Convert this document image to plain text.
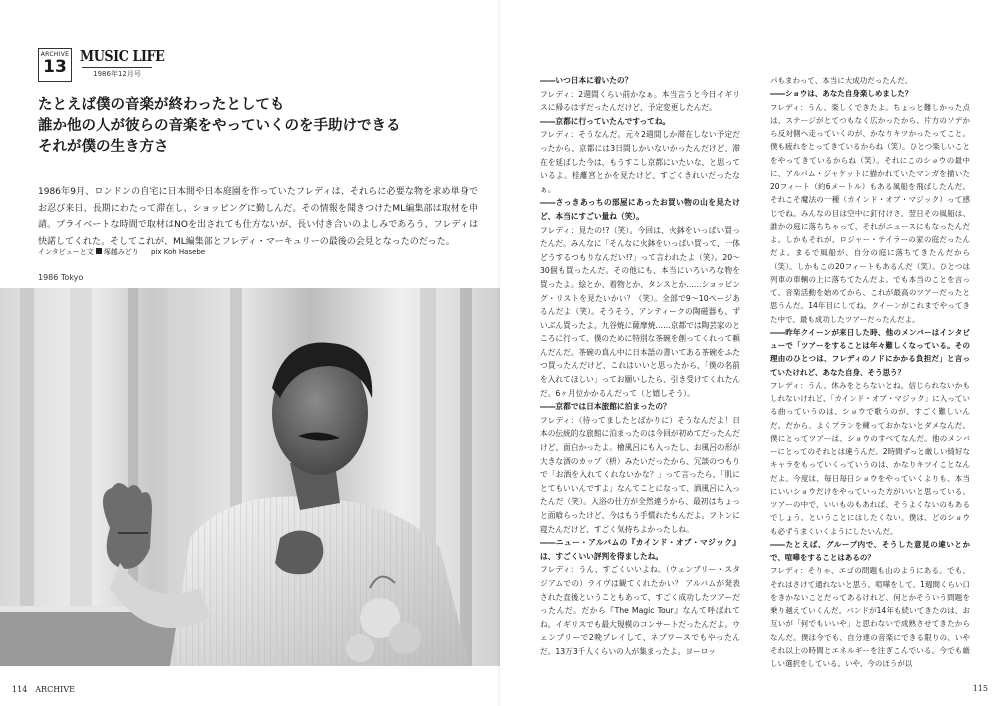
ARCHIVE
13
MUSIC LIFE
1986年12月号
たとえば僕の音楽が終わったとしても
誰か他の人が彼らの音楽をやっていくのを手助けできる
それが僕の生き方さ
1986年9月、ロンドンの自宅に日本間や日本庭園を作っていたフレディは、それらに必要な物を求め単身でお忍び来日、長期にわたって滞在し、ショッピングに勤しんだ。その情報を聞きつけたML編集部は取材を申請。プライベートな時間で取材はNOを出されても仕方ないが、長い付き合いのよしみであろう、フレディは快諾してくれた。そしてこれが、ML編集部とフレディ・マーキュリーの最後の会見となったのだった。
インタビューと文 塚越みどり pix Koh Hasebe
1986 Tokyo
114　ARCHIVE	115

――いつ日本に着いたの？

フレディ：2週間くらい前かなぁ。本当言うと今日イギリスに帰るはずだったんだけど、予定変更したんだ。

――京都に行っていたんですってね。

フレディ：そうなんだ。元々2週間しか滞在しない予定だったから、京都には3日間しかいないかったんだけど、滞在を延ばした今は、もうすこし京都にいたいな、と思っているよ。桂離宮とかを見たけど、すごくきれいだったなぁ。

――さっきあっちの部屋にあったお買い物の山を見たけど、本当にすごい量ね（笑）。

フレディ：見たの!?（笑）。今回は、火鉢をいっぱい買ったんだ。みんなに「そんなに火鉢をいっぱい買って、一体どうするつもりなんだい!?」って言われたよ（笑）。20～30個も買ったんだ。その他にも、本当にいろいろな物を買ったよ。絵とか、着物とか、タンスとか……ショッピング・リストを見たいかい？（笑）。全部で9～10ページあるんだよ（笑）。そうそう、アンティークの陶磁器も、ずいぶん買ったよ。九谷焼に薩摩焼……京都では陶芸家のところに行って、僕のために特別な茶碗を創ってくれって頼んだんだ。茶碗の真ん中に日本語の書いてある茶碗をふたつ買ったんだけど、これはいいと思ったから、「僕の名前を入れてほしい」ってお願いしたら、引き受けてくれたんだ。6ヶ月位かかるんだって（と嬉しそう）。

――京都では日本旅館に泊まったの？

フレディ：（待ってましたとばかりに）そうなんだよ！日本の伝統的な旅館に泊まったのは今回が初めてだったんだけど、面白かったよ。檜風呂にも入ったし、お風呂の形が大きな酒のカップ（枡）みたいだったから、冗談のつもりで「お酒を入れてくれないかな？」って言ったら、「肌にとてもいいんですよ」なんてことになって、酒風呂に入ったんだ（笑）。入浴の仕方が全然違うから、最初はちょっと面喰らったけど、今はもう手慣れたもんだよ。フトンに寝たんだけど、すごく気持ちよかったしね。

――ニュー・アルバムの『カインド・オブ・マジック』は、すごくいい評判を得ましたね。

フレディ：うん、すごくいいよね。（ウェンブリー・スタジアムでの）ライヴは観てくれたかい？ アルバムが発表された直後ということもあって、すごく成功したツアーだったんだ。だから『The Magic Tour』なんて呼ばれてね。イギリスでも最大規模のコンサートだったんだよ。ウェンブリーで2晩プレイして、ネブワースでもやったんだ。13万3千人くらいの人が集まったよ。ヨーロッ

パもまわって、本当に大成功だったんだ。

――ショウは、あなた自身楽しめました？

フレディ：うん、楽しくできたよ。ちょっと難しかった点は、ステージがとてつもなく広かったから、片方のソデから反対側へ走っていくのが、かなりキツかったってこと。僕も疲れをとってきているからね（笑）。ひとつ楽しいことをやってきているからね（笑）。それにこのショウの最中に、アルバム・ジャケットに描かれていたマンガを描いた20フィート（約6メートル）もある風船を飛ばしたんだ。それこそ魔法の一種（カインド・オブ・マジック）って感じでね。みんなの目は空中に釘付けさ。翌日その風船は、誰かの庭に落ちちゃって、それがニュースにもなったんだよ。しかもそれが、ロジャー・テイラーの家の庭だったんだよ。まるで風船が、自分の庭に落ちてきたんだから（笑）。しかもこの20フィートもあるんだ（笑）。ひとつは列車の車輌の上に落ちてたんだよ。でも本当のことを言って、音楽活動を始めてから、これが最高のツアーだったと思うんだ。14年目にしてね。クイーンがこれまでやってきた中で、最も成功したツアーだったんだよ。

――昨年クイーンが来日した時、他のメンバーはインタビューで「ツアーをすることは年々難しくなっている。その理由のひとつは、フレディのノドにかかる負担だ」と言っていたけれど、あなた自身、そう思う？

フレディ：うん、休みをとらないとね。信じられないかもしれないけれど、「カインド・オブ・マジック」に入っている曲っていうのは、ショウで歌うのが、すごく難しいんだ。だから、よくプランを練っておかないとダメなんだ。僕にとってツアーは、ショウのすべてなんだ。他のメンバーにとってのそれとは違うんだ。2時間ずっと厳しい綺好なキャラをもっていくっていうのは、かなりキツイことなんだよ。今度は、毎日毎日ショウをやっていくよりも、本当にいいショウだけをやっていった方がいいと思っている。ツアーの中で、いいものもあれば、そうよくないのもあるでしょう、ということにはしたくない。僕は、どのショウも必ずうまくいくようにしたいんだ。

――たとえば、グループ内で、そうした意見の違いとかで、喧嘩をすることはあるの？

フレディ：そりゃ、エゴの問題も山のようにある。でも、それはさけて通れないと思う。喧嘩をして、1週間くらい口をきかないことだってあるけれど、何とかそういう問題を乗り越えていくんだ。バンドが14年も続いてきたのは、お互いが「何でもいいや」と思わないで成熟させてきたからなんだ。僕は今でも、自分達の音楽にできる限りの、いやそれ以上の時間とエネルギーを注ぎこんでいる。今でも厳しい選択をしている。いや、今のほうが以
